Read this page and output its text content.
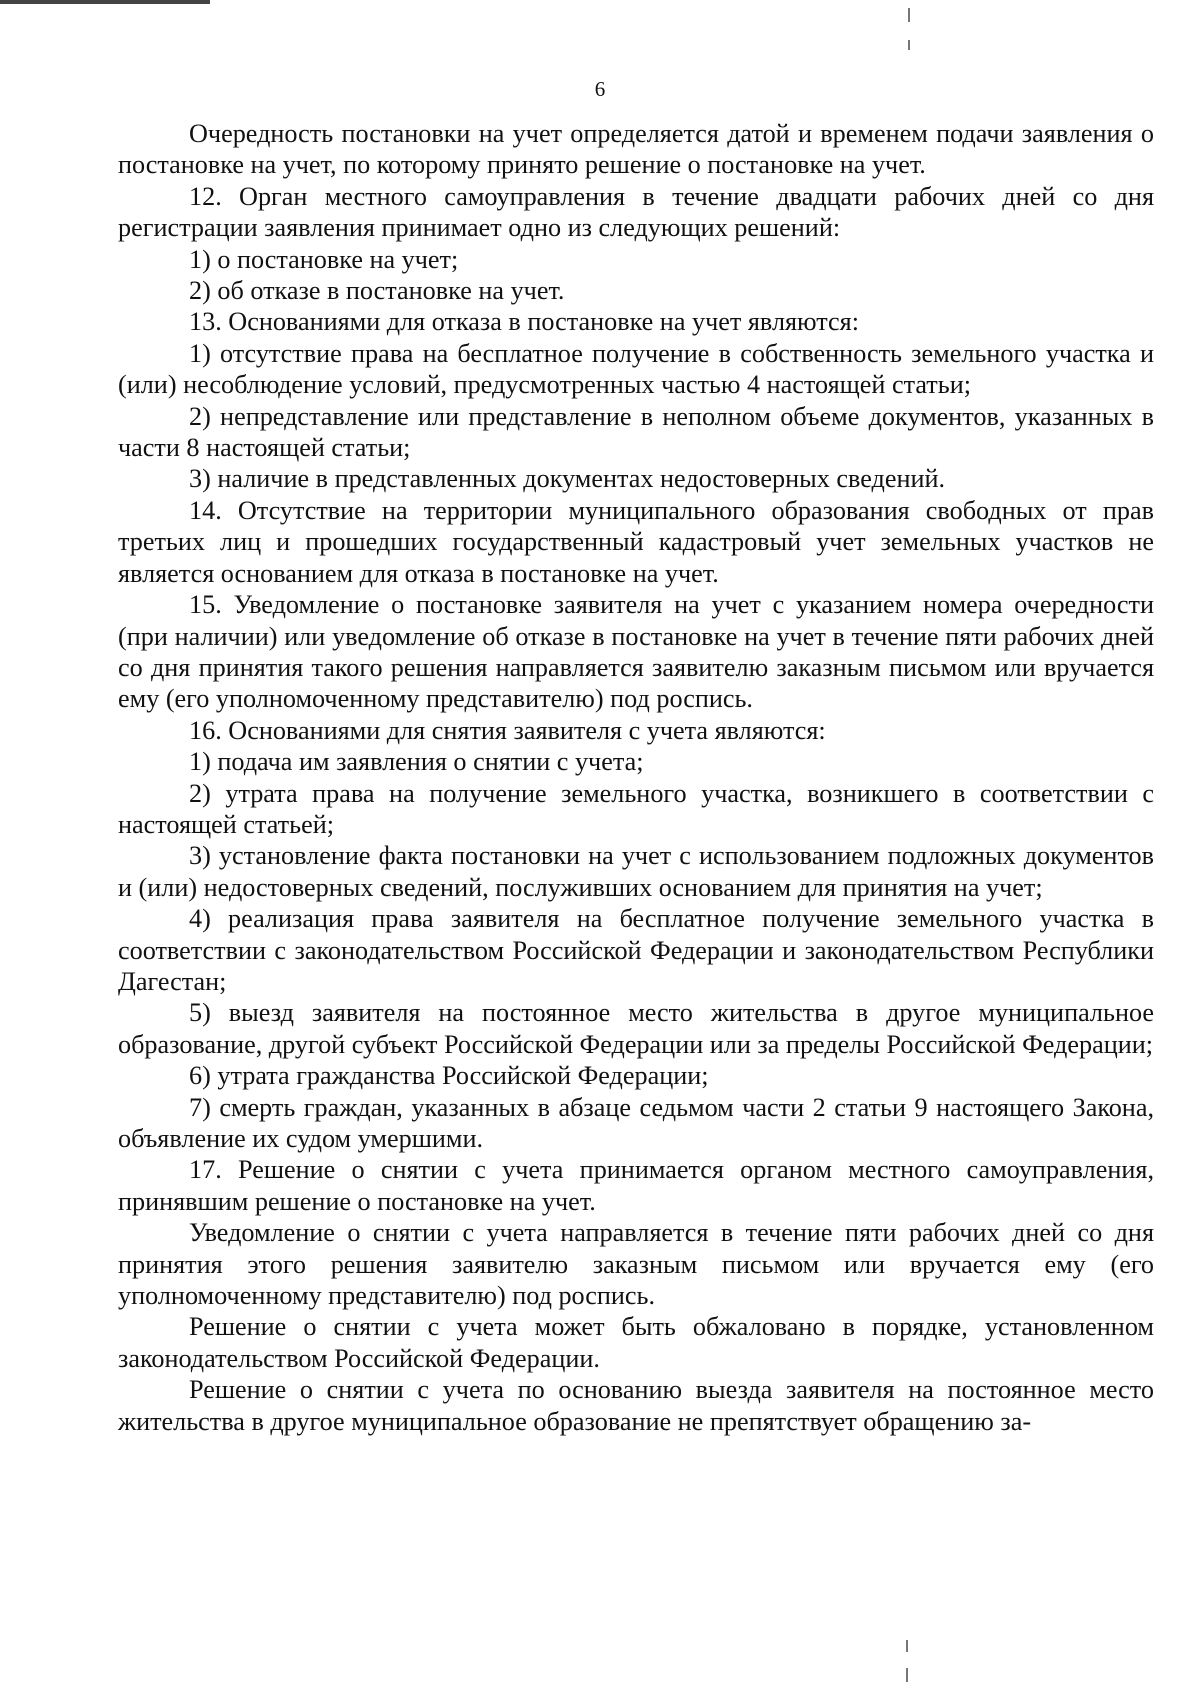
6

Очередность постановки на учет определяется датой и временем подачи заявления о постановке на учет, по которому принято решение о постановке на учет.

12. Орган местного самоуправления в течение двадцати рабочих дней со дня регистрации заявления принимает одно из следующих решений:

1) о постановке на учет;

2) об отказе в постановке на учет.

13. Основаниями для отказа в постановке на учет являются:

1) отсутствие права на бесплатное получение в собственность земельного участка и (или) несоблюдение условий, предусмотренных частью 4 настоящей статьи;

2) непредставление или представление в неполном объеме документов, указанных в части 8 настоящей статьи;

3) наличие в представленных документах недостоверных сведений.

14. Отсутствие на территории муниципального образования свободных от прав третьих лиц и прошедших государственный кадастровый учет земельных участков не является основанием для отказа в постановке на учет.

15. Уведомление о постановке заявителя на учет с указанием номера очередности (при наличии) или уведомление об отказе в постановке на учет в течение пяти рабочих дней со дня принятия такого решения направляется заявителю заказным письмом или вручается ему (его уполномоченному представителю) под роспись.

16. Основаниями для снятия заявителя с учета являются:

1) подача им заявления о снятии с учета;

2) утрата права на получение земельного участка, возникшего в соответствии с настоящей статьей;

3) установление факта постановки на учет с использованием подложных документов и (или) недостоверных сведений, послуживших основанием для принятия на учет;

4) реализация права заявителя на бесплатное получение земельного участка в соответствии с законодательством Российской Федерации и законодательством Республики Дагестан;

5) выезд заявителя на постоянное место жительства в другое муниципальное образование, другой субъект Российской Федерации или за пределы Российской Федерации;

6) утрата гражданства Российской Федерации;

7) смерть граждан, указанных в абзаце седьмом части 2 статьи 9 настоящего Закона, объявление их судом умершими.

17. Решение о снятии с учета принимается органом местного самоуправления, принявшим решение о постановке на учет.

Уведомление о снятии с учета направляется в течение пяти рабочих дней со дня принятия этого решения заявителю заказным письмом или вручается ему (его уполномоченному представителю) под роспись.

Решение о снятии с учета может быть обжаловано в порядке, установленном законодательством Российской Федерации.

Решение о снятии с учета по основанию выезда заявителя на постоянное место жительства в другое муниципальное образование не препятствует обращению за-
